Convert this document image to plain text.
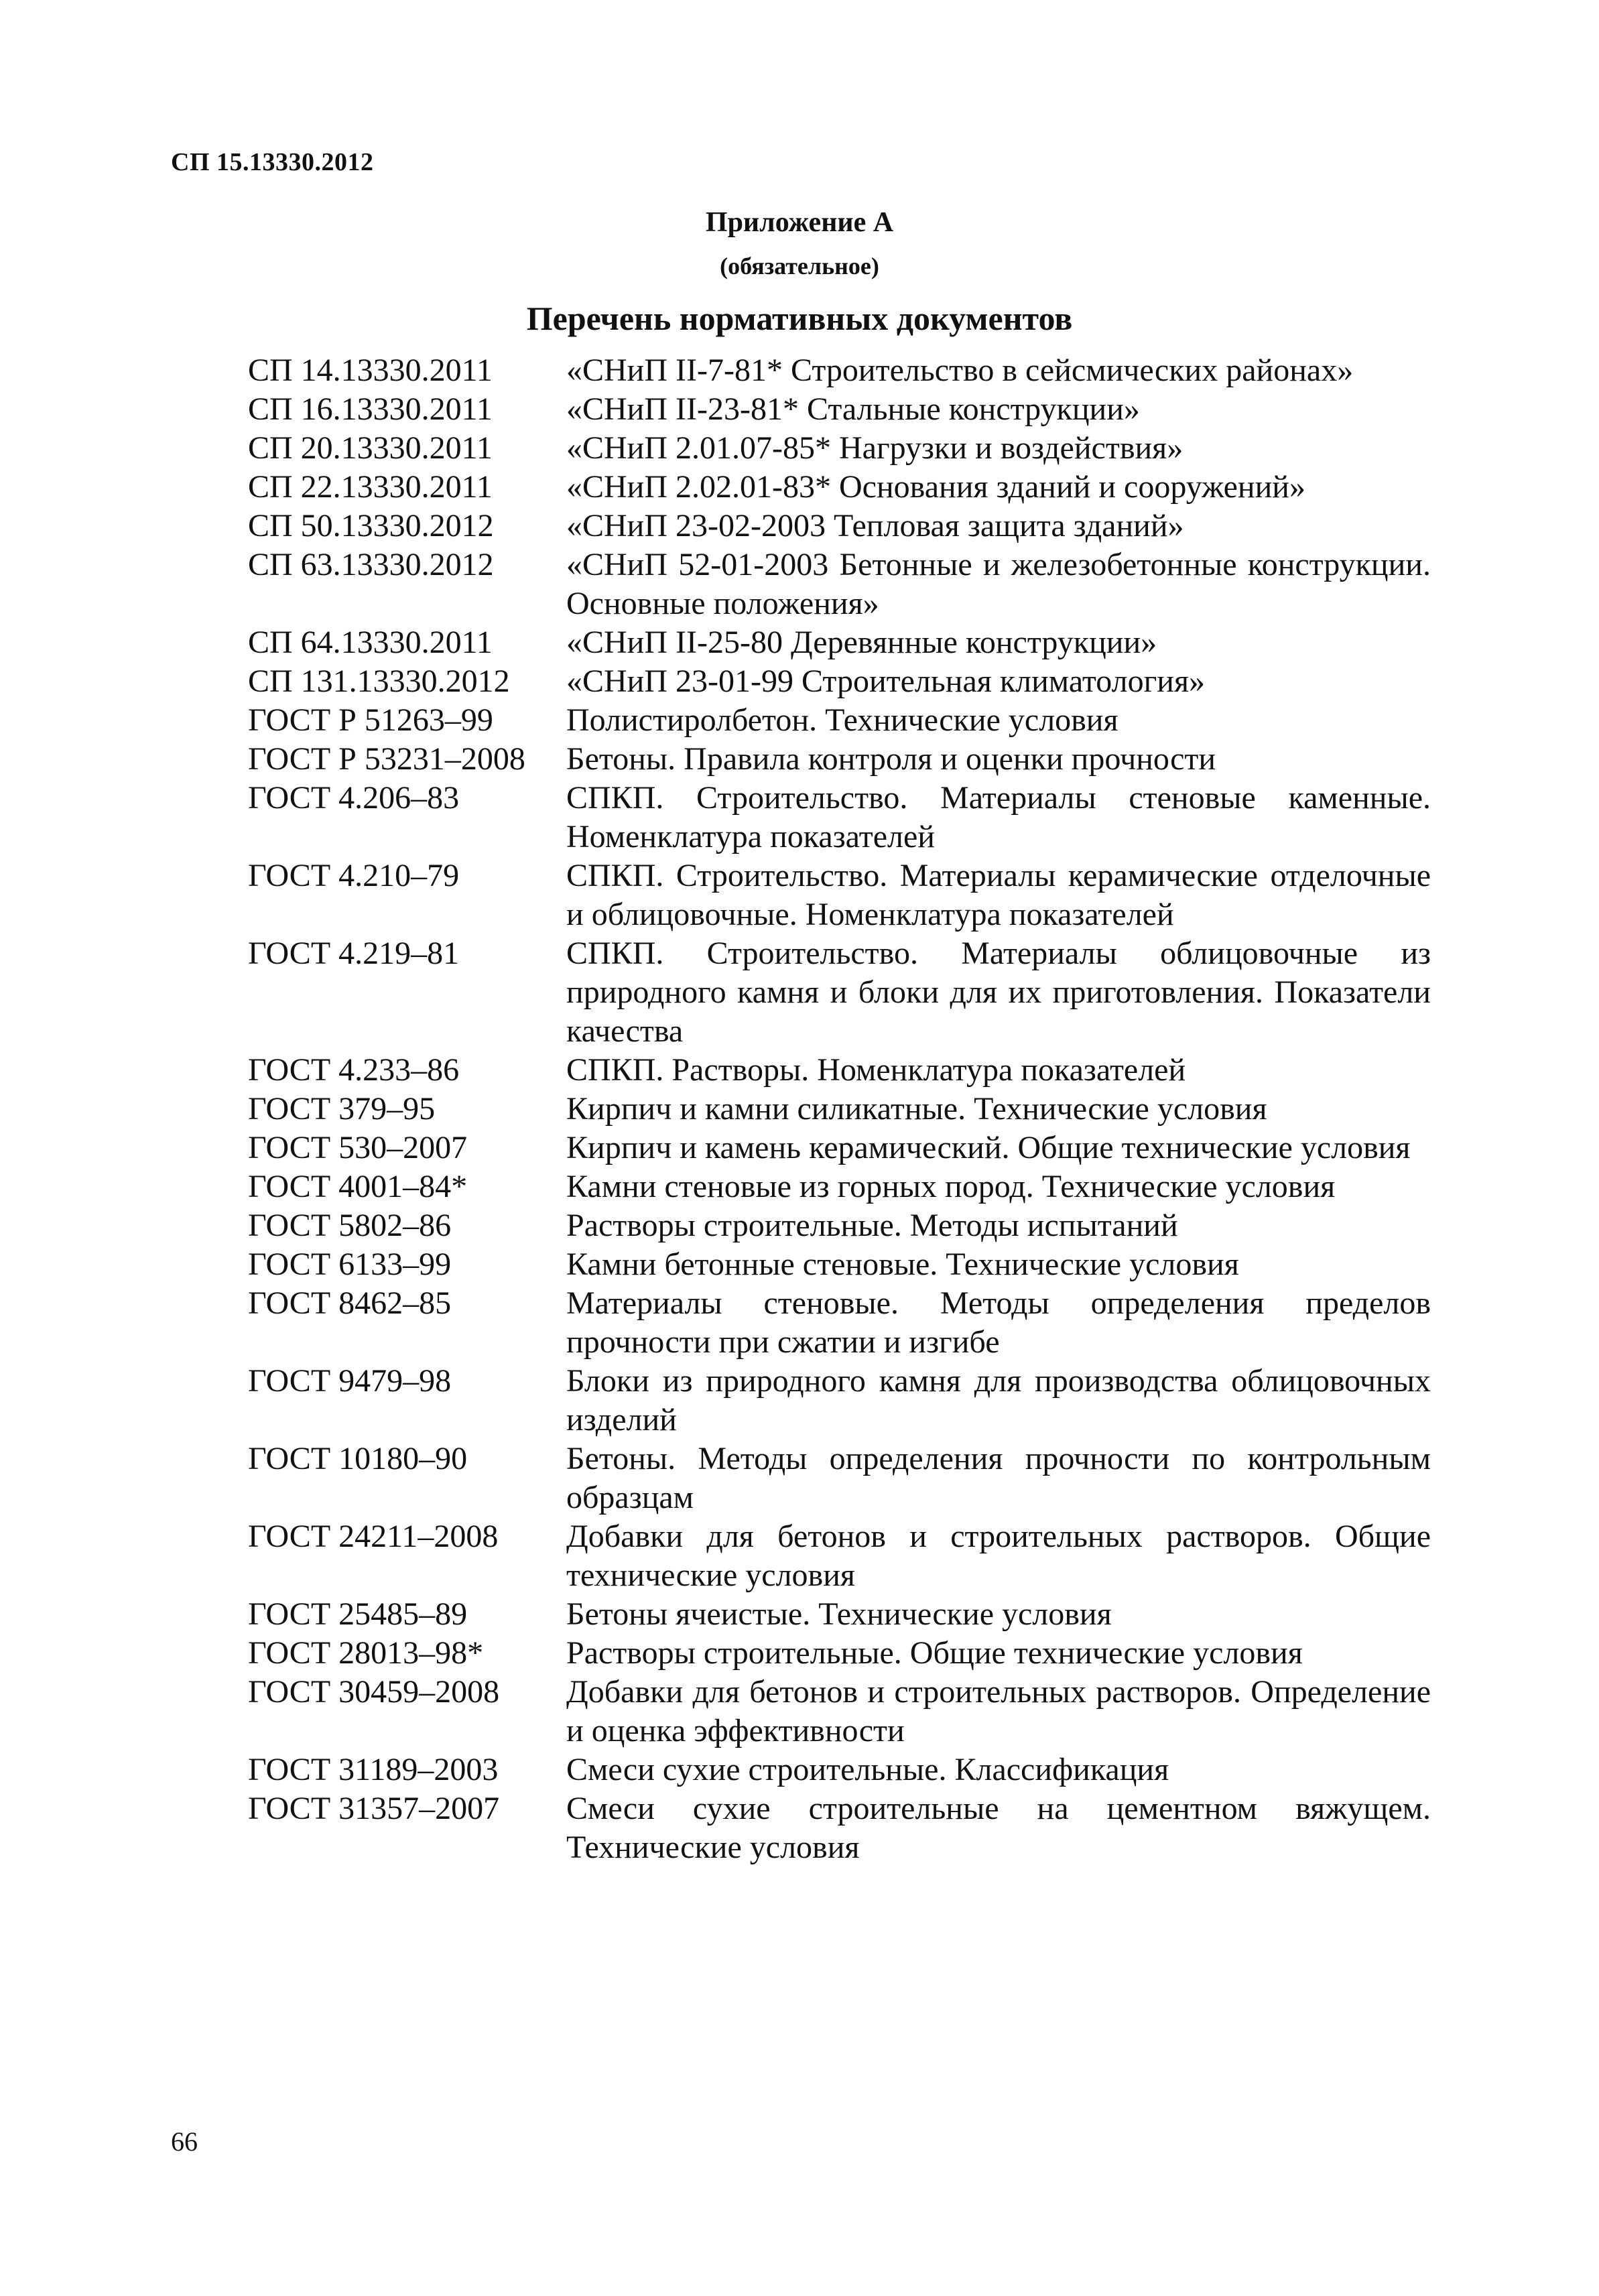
СП 15.13330.2012
Приложение А
(обязательное)
Перечень нормативных документов
СП 14.13330.2011	«СНиП II-7-81* Строительство в сейсмических районах»
СП 16.13330.2011	«СНиП II-23-81* Стальные конструкции»
СП 20.13330.2011	«СНиП 2.01.07-85* Нагрузки и воздействия»
СП 22.13330.2011	«СНиП 2.02.01-83* Основания зданий и сооружений»
СП 50.13330.2012	«СНиП 23-02-2003 Тепловая защита зданий»
СП 63.13330.2012	«СНиП 52-01-2003 Бетонные и железобетонные конструкции. Основные положения»
СП 64.13330.2011	«СНиП II-25-80 Деревянные конструкции»
СП 131.13330.2012	«СНиП 23-01-99 Строительная климатология»
ГОСТ Р 51263–99	Полистиролбетон. Технические условия
ГОСТ Р 53231–2008	Бетоны. Правила контроля и оценки прочности
ГОСТ 4.206–83	СПКП. Строительство. Материалы стеновые каменные. Номенклатура показателей
ГОСТ 4.210–79	СПКП. Строительство. Материалы керамические отделочные и облицовочные. Номенклатура показателей
ГОСТ 4.219–81	СПКП. Строительство. Материалы облицовочные из природного камня и блоки для их приготовления. Показатели качества
ГОСТ 4.233–86	СПКП. Растворы. Номенклатура показателей
ГОСТ 379–95	Кирпич и камни силикатные. Технические условия
ГОСТ 530–2007	Кирпич и камень керамический. Общие технические условия
ГОСТ 4001–84*	Камни стеновые из горных пород. Технические условия
ГОСТ 5802–86	Растворы строительные. Методы испытаний
ГОСТ 6133–99	Камни бетонные стеновые. Технические условия
ГОСТ 8462–85	Материалы стеновые. Методы определения пределов прочности при сжатии и изгибе
ГОСТ 9479–98	Блоки из природного камня для производства облицовочных изделий
ГОСТ 10180–90	Бетоны. Методы определения прочности по контрольным образцам
ГОСТ 24211–2008	Добавки для бетонов и строительных растворов. Общие технические условия
ГОСТ 25485–89	Бетоны ячеистые. Технические условия
ГОСТ 28013–98*	Растворы строительные. Общие технические условия
ГОСТ 30459–2008	Добавки для бетонов и строительных растворов. Определение и оценка эффективности
ГОСТ 31189–2003	Смеси сухие строительные. Классификация
ГОСТ 31357–2007	Смеси сухие строительные на цементном вяжущем. Технические условия
66
